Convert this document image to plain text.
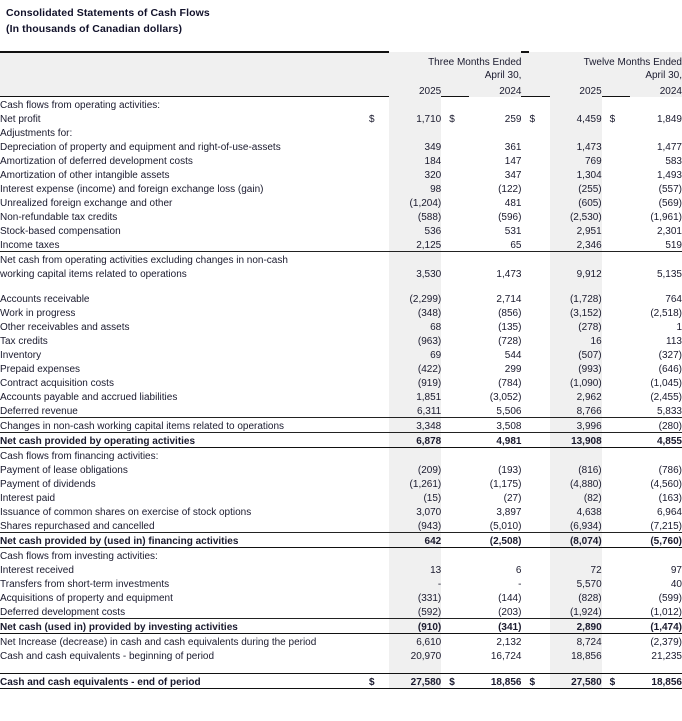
Consolidated Statements of Cash Flows
(In thousands of Canadian dollars)
		Three Months Ended					Twelve Months Ended				
		April 30,					April 30,				
		2025			2024			2025			2024
Cash flows from operating activities:											
Net profit	$	1,710		$	259		$	4,459		$	1,849
Adjustments for:											
Depreciation of property and equipment and right-of-use-assets		349			361			1,473			1,477
Amortization of deferred development costs		184			147			769			583
Amortization of other intangible assets		320			347			1,304			1,493
Interest expense (income) and foreign exchange loss (gain)		98			(122)			(255)			(557)
Unrealized foreign exchange and other		(1,204)			481			(605)			(569)
Non-refundable tax credits		(588)			(596)			(2,530)			(1,961)
Stock-based compensation		536			531			2,951			2,301
Income taxes		2,125			65			2,346			519
Net cash from operating activities excluding changes in non-cash											
working capital items related to operations		3,530			1,473			9,912			5,135

Accounts receivable		(2,299)			2,714			(1,728)			764
Work in progress		(348)			(856)			(3,152)			(2,518)
Other receivables and assets		68			(135)			(278)			1
Tax credits		(963)			(728)			16			113
Inventory		69			544			(507)			(327)
Prepaid expenses		(422)			299			(993)			(646)
Contract acquisition costs		(919)			(784)			(1,090)			(1,045)
Accounts payable and accrued liabilities		1,851			(3,052)			2,962			(2,455)
Deferred revenue		6,311			5,506			8,766			5,833
Changes in non-cash working capital items related to operations		3,348			3,508			3,996			(280)
Net cash provided by operating activities		6,878			4,981			13,908			4,855
Cash flows from financing activities:											
Payment of lease obligations		(209)			(193)			(816)			(786)
Payment of dividends		(1,261)			(1,175)			(4,880)			(4,560)
Interest paid		(15)			(27)			(82)			(163)
Issuance of common shares on exercise of stock options		3,070			3,897			4,638			6,964
Shares repurchased and cancelled		(943)			(5,010)			(6,934)			(7,215)
Net cash provided by (used in) financing activities		642			(2,508)			(8,074)			(5,760)
Cash flows from investing activities:											
Interest received		13			6			72			97
Transfers from short-term investments		-			-			5,570			40
Acquisitions of property and equipment		(331)			(144)			(828)			(599)
Deferred development costs		(592)			(203)			(1,924)			(1,012)
Net cash (used in) provided by investing activities		(910)			(341)			2,890			(1,474)
Net Increase (decrease) in cash and cash equivalents during the period		6,610			2,132			8,724			(2,379)
Cash and cash equivalents - beginning of period		20,970			16,724			18,856			21,235

Cash and cash equivalents - end of period	$	27,580		$	18,856		$	27,580		$	18,856
